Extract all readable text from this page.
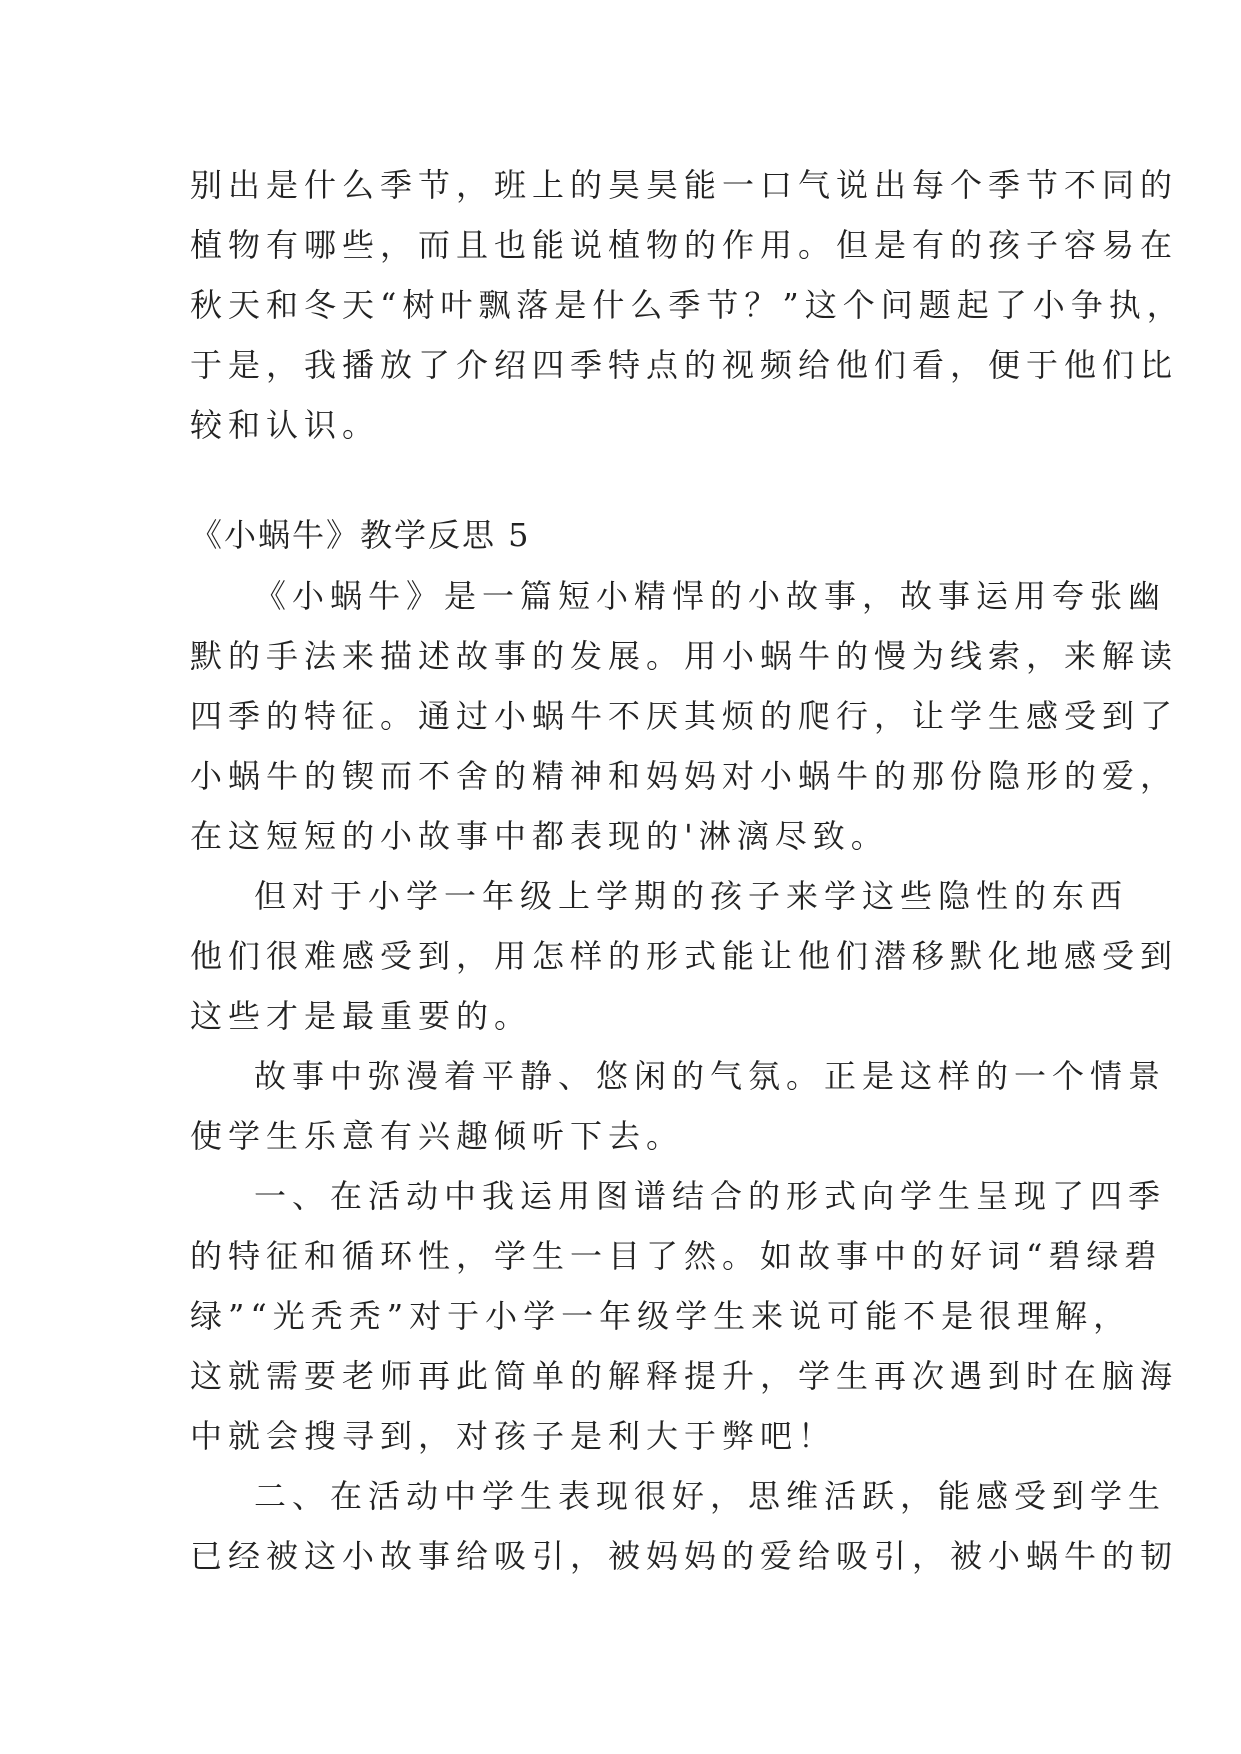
别出是什么季节，班上的昊昊能一口气说出每个季节不同的
植物有哪些，而且也能说植物的作用。但是有的孩子容易在
秋天和冬天“树叶飘落是什么季节？”这个问题起了小争执，
于是，我播放了介绍四季特点的视频给他们看，便于他们比
较和认识。
《小蜗牛》教学反思 5
《小蜗牛》是一篇短小精悍的小故事，故事运用夸张幽
默的手法来描述故事的发展。用小蜗牛的慢为线索，来解读
四季的特征。通过小蜗牛不厌其烦的爬行，让学生感受到了
小蜗牛的锲而不舍的精神和妈妈对小蜗牛的那份隐形的爱，
在这短短的小故事中都表现的'淋漓尽致。
但对于小学一年级上学期的孩子来学这些隐性的东西
他们很难感受到，用怎样的形式能让他们潜移默化地感受到
这些才是最重要的。
故事中弥漫着平静、悠闲的气氛。正是这样的一个情景
使学生乐意有兴趣倾听下去。
一、在活动中我运用图谱结合的形式向学生呈现了四季
的特征和循环性，学生一目了然。如故事中的好词“碧绿碧
绿”“光秃秃”对于小学一年级学生来说可能不是很理解，
这就需要老师再此简单的解释提升，学生再次遇到时在脑海
中就会搜寻到，对孩子是利大于弊吧！
二、在活动中学生表现很好，思维活跃，能感受到学生
已经被这小故事给吸引，被妈妈的爱给吸引，被小蜗牛的韧
